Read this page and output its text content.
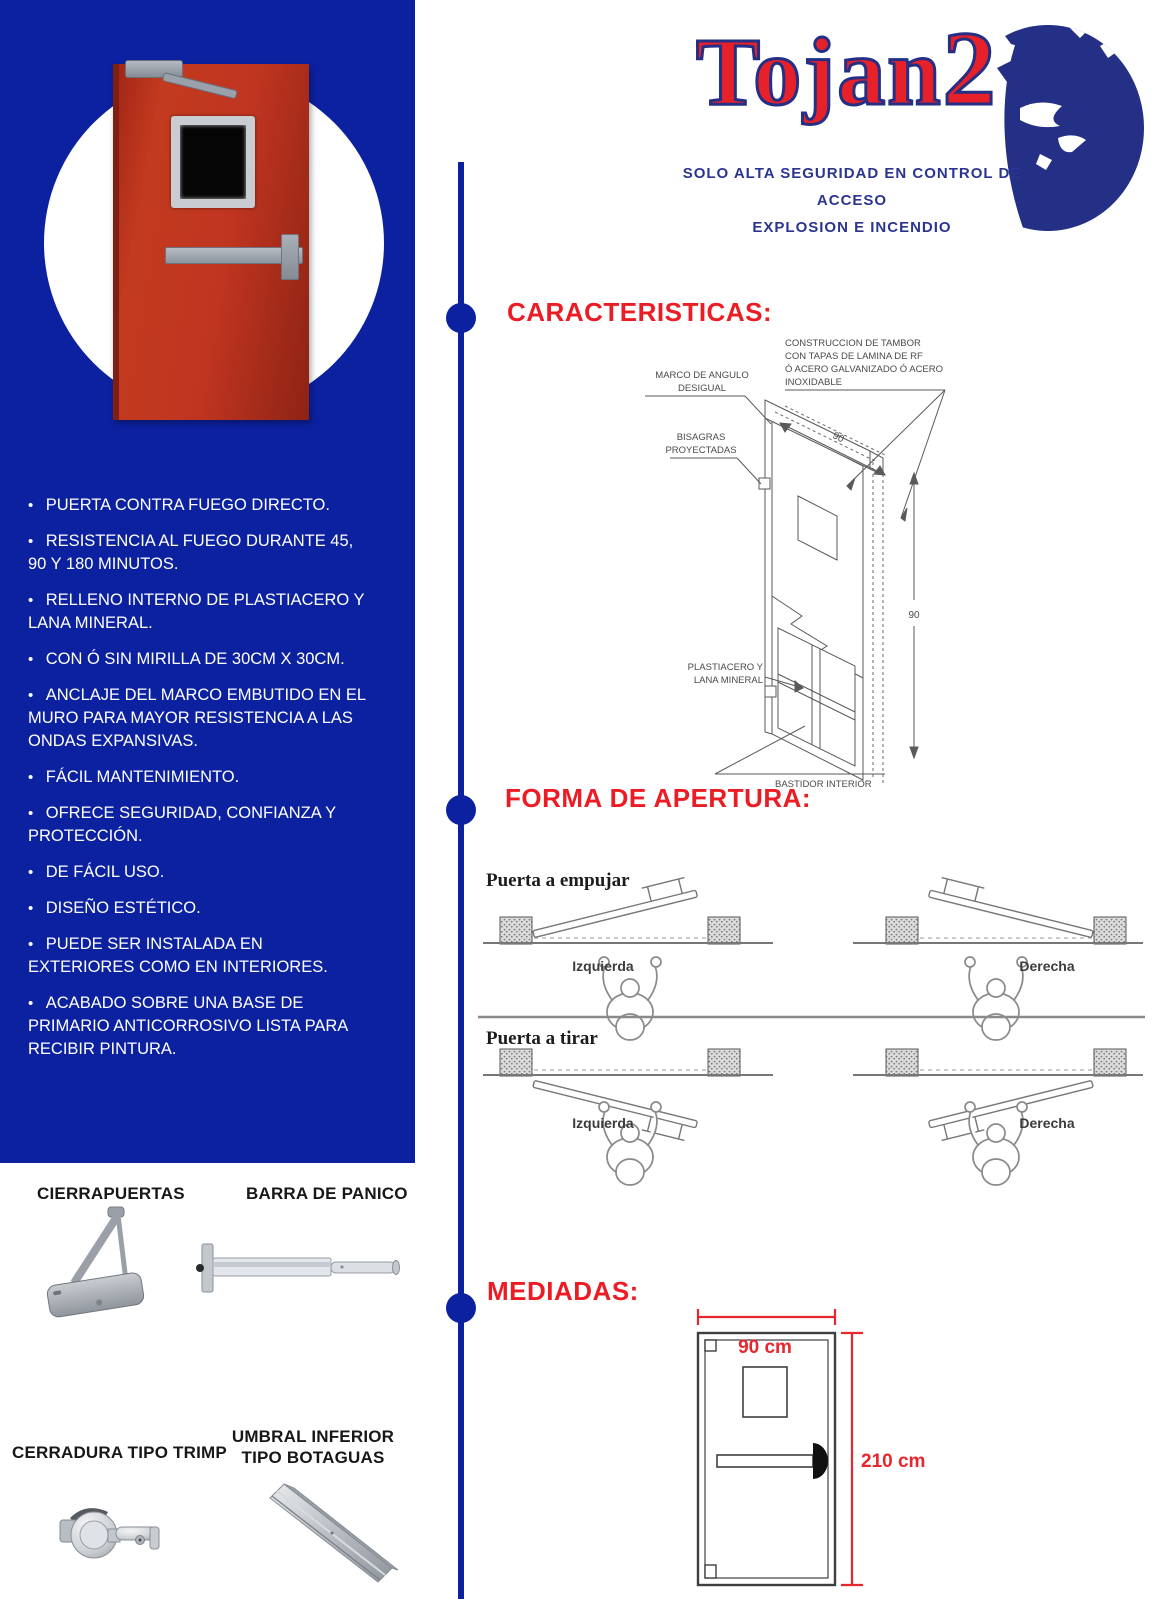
•   PUERTA CONTRA FUEGO DIRECTO.
•   RESISTENCIA AL FUEGO DURANTE 45, 90 Y 180 MINUTOS.
•   RELLENO INTERNO DE PLASTIACERO Y LANA MINERAL.
•   CON Ó SIN MIRILLA DE 30CM X 30CM.
•   ANCLAJE DEL MARCO EMBUTIDO EN EL MURO PARA MAYOR RESISTENCIA A LAS ONDAS EXPANSIVAS.
•   FÁCIL MANTENIMIENTO.
•   OFRECE SEGURIDAD, CONFIANZA Y PROTECCIÓN.
•   DE FÁCIL USO.
•   DISEÑO ESTÉTICO.
•   PUEDE SER INSTALADA EN EXTERIORES COMO EN INTERIORES.
•   ACABADO SOBRE UNA BASE DE PRIMARIO ANTICORROSIVO LISTA PARA RECIBIR PINTURA.
Tojan2
SOLO ALTA SEGURIDAD EN CONTROL DE ACCESO
EXPLOSION E INCENDIO
CARACTERISTICAS:
FORMA DE APERTURA:
MEDIADAS:
MARCO DE ANGULO
DESIGUAL
CONSTRUCCION DE TAMBOR
CON TAPAS DE LAMINA DE RF
Ó ACERO GALVANIZADO Ó ACERO
INOXIDABLE
BISAGRAS
PROYECTADAS
PLASTIACERO Y
LANA MINERAL
BASTIDOR INTERIOR
90
90
Puerta a empujar
Izquierda	Derecha
Puerta a tirar
Izquierda	Derecha
90 cm
210 cm
CIERRAPUERTAS	BARRA DE PANICO
CERRADURA TIPO TRIMP
UMBRAL INFERIOR TIPO BOTAGUAS
